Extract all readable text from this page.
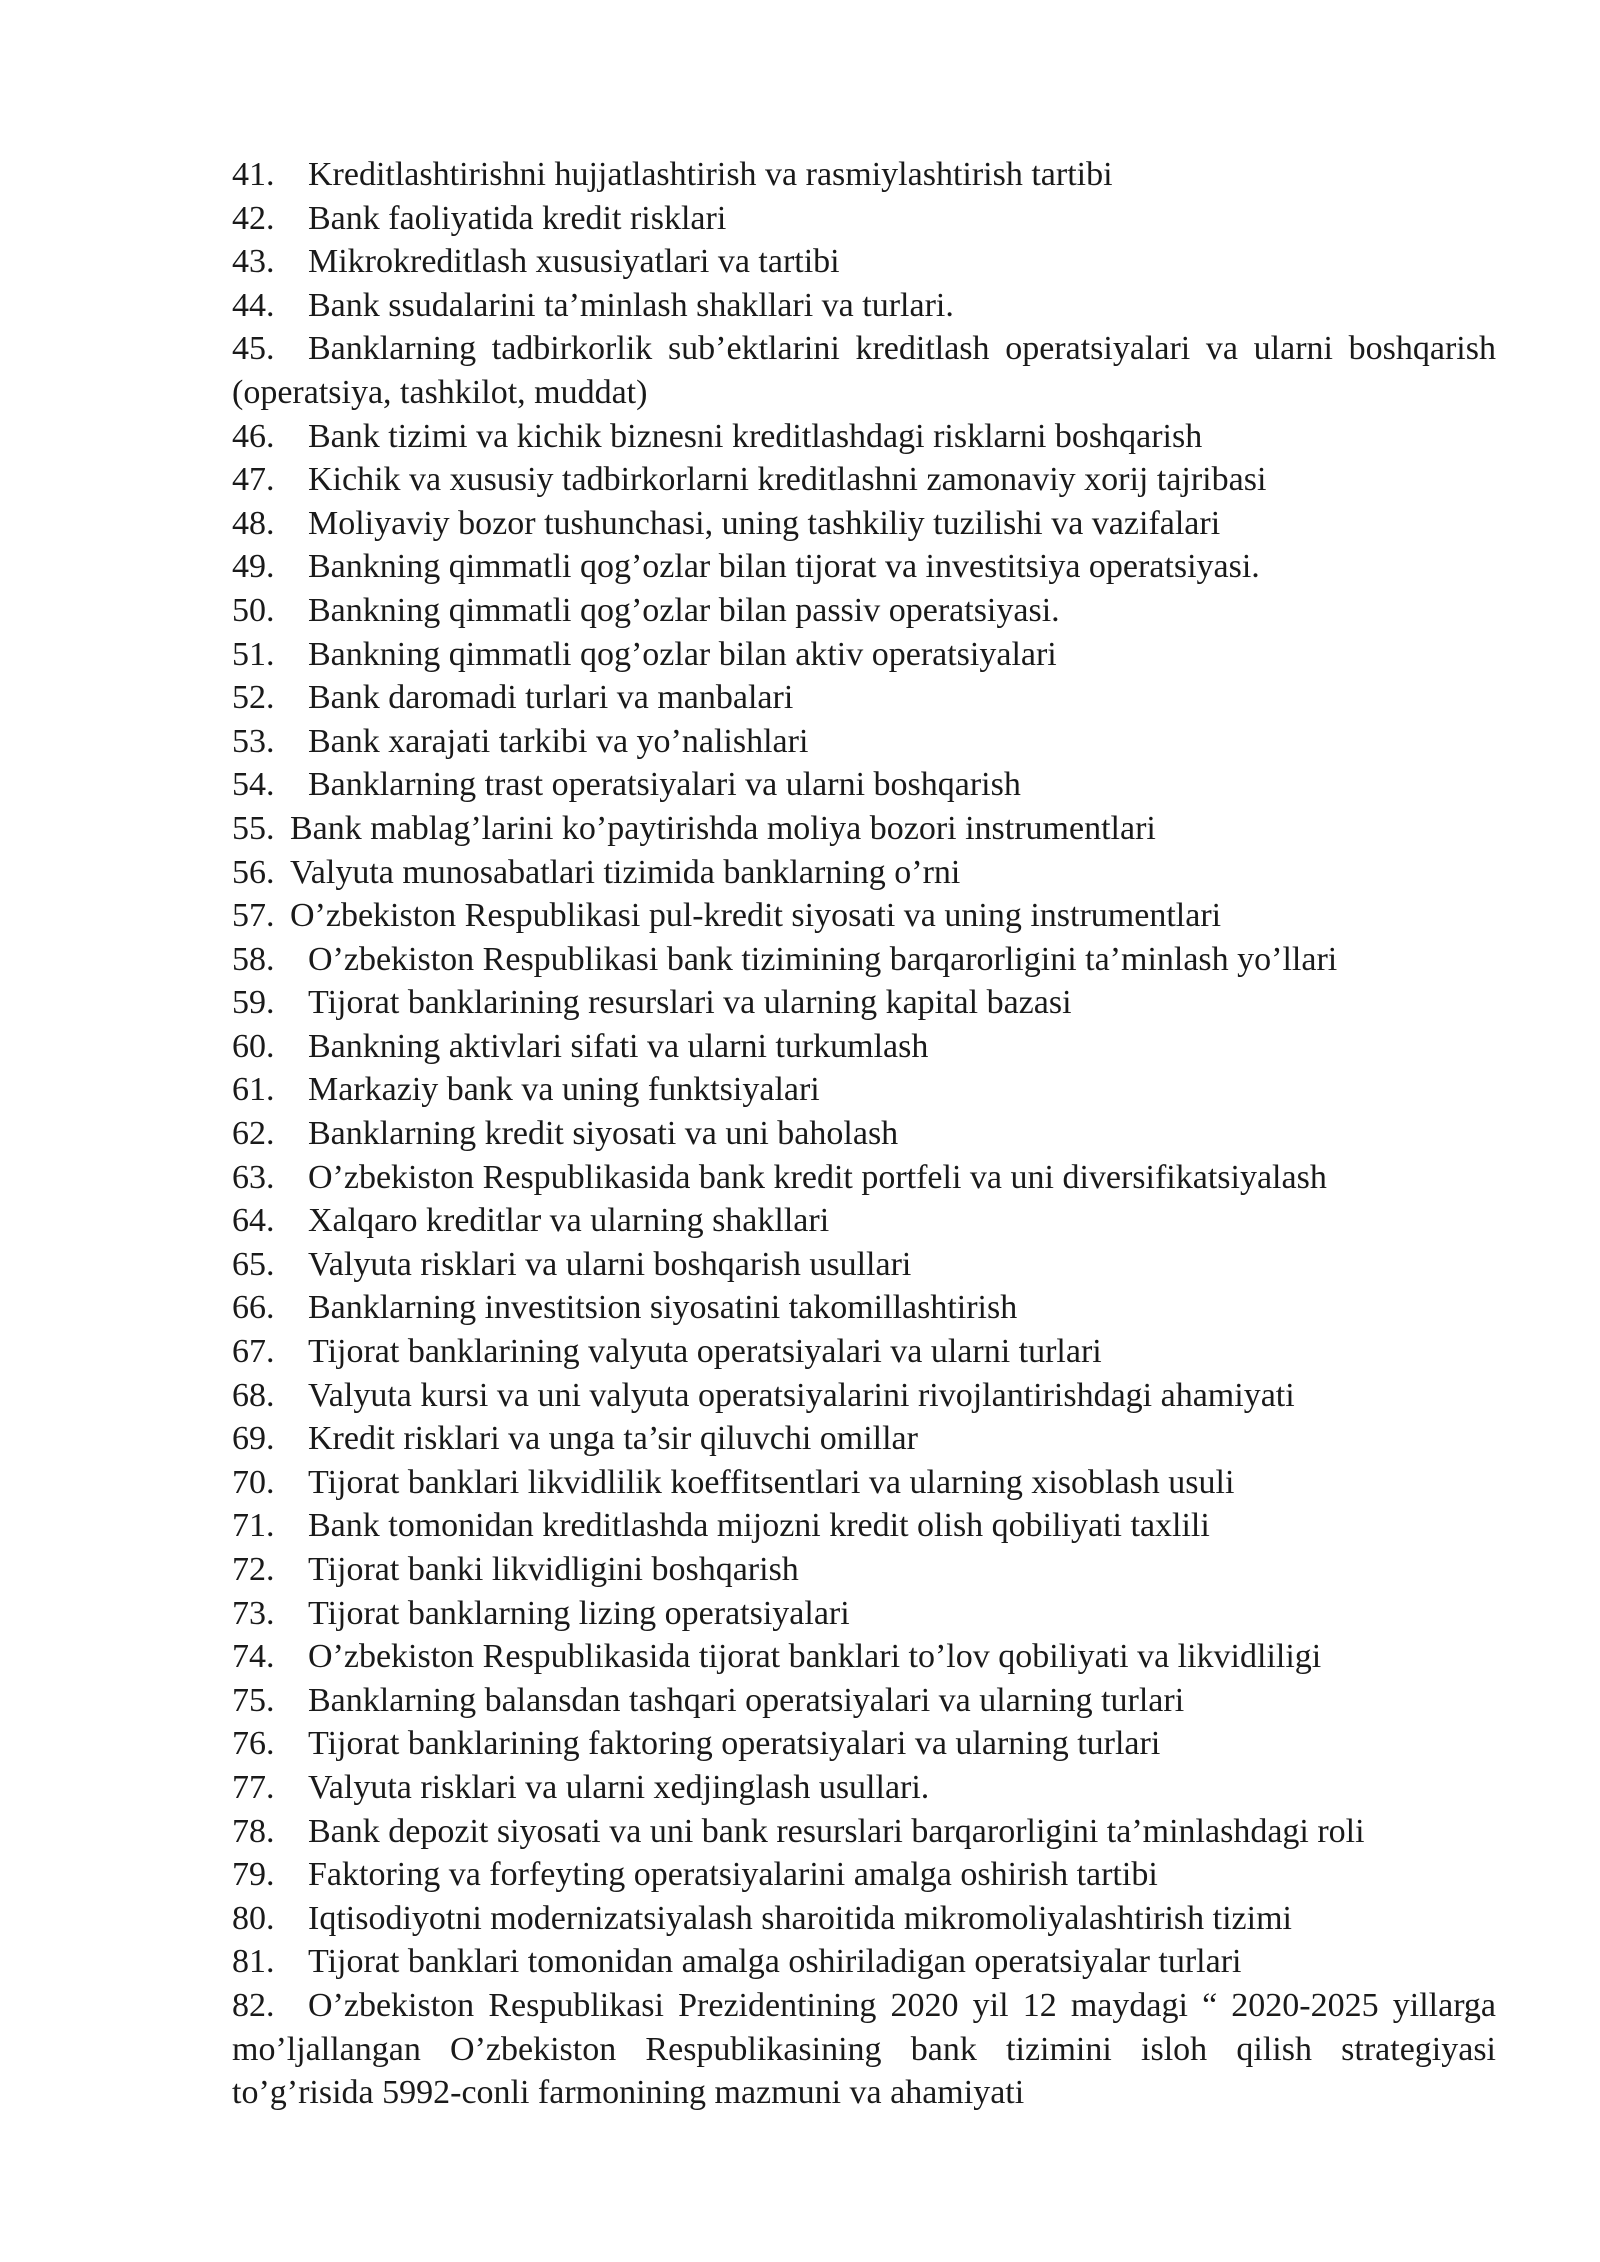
41. Kreditlashtirishni hujjatlashtirish va rasmiylashtirish tartibi

42. Bank faoliyatida kredit risklari

43. Mikrokreditlash xususiyatlari va tartibi

44. Bank ssudalarini ta’minlash shakllari va turlari.

45. Banklarning tadbirkorlik sub’ektlarini kreditlash operatsiyalari va ularni boshqarish (operatsiya, tashkilot, muddat)

46. Bank tizimi va kichik biznesni kreditlashdagi risklarni boshqarish

47. Kichik va xususiy tadbirkorlarni kreditlashni zamonaviy xorij tajribasi

48. Moliyaviy bozor tushunchasi, uning tashkiliy tuzilishi va vazifalari

49. Bankning qimmatli qog’ozlar bilan tijorat va investitsiya operatsiyasi.

50. Bankning qimmatli qog’ozlar bilan passiv operatsiyasi.

51. Bankning qimmatli qog’ozlar bilan aktiv operatsiyalari

52. Bank daromadi turlari va manbalari

53. Bank xarajati tarkibi va yo’nalishlari

54. Banklarning trast operatsiyalari va ularni boshqarish

55. Bank mablag’larini ko’paytirishda moliya bozori instrumentlari

56. Valyuta munosabatlari tizimida banklarning o’rni

57. O’zbekiston Respublikasi pul-kredit siyosati va uning instrumentlari

58. O’zbekiston Respublikasi bank tizimining barqarorligini ta’minlash yo’llari

59. Tijorat banklarining resurslari va ularning kapital bazasi

60. Bankning aktivlari sifati va ularni turkumlash

61. Markaziy bank va uning funktsiyalari

62. Banklarning kredit siyosati va uni baholash

63. O’zbekiston Respublikasida bank kredit portfeli va uni diversifikatsiyalash

64. Xalqaro kreditlar va ularning shakllari

65. Valyuta risklari va ularni boshqarish usullari

66. Banklarning investitsion siyosatini takomillashtirish

67. Tijorat banklarining valyuta operatsiyalari va ularni turlari

68. Valyuta kursi va uni valyuta operatsiyalarini rivojlantirishdagi ahamiyati

69. Kredit risklari va unga ta’sir qiluvchi omillar

70. Tijorat banklari likvidlilik koeffitsentlari va ularning xisoblash usuli

71. Bank tomonidan kreditlashda mijozni kredit olish qobiliyati taxlili

72. Tijorat banki likvidligini boshqarish

73. Tijorat banklarning lizing operatsiyalari

74. O’zbekiston Respublikasida tijorat banklari to’lov qobiliyati va likvidliligi

75. Banklarning balansdan tashqari operatsiyalari va ularning turlari

76. Tijorat banklarining faktoring operatsiyalari va ularning turlari

77. Valyuta risklari va ularni xedjinglash usullari.

78. Bank depozit siyosati va uni bank resurslari barqarorligini ta’minlashdagi roli

79. Faktoring va forfeyting operatsiyalarini amalga oshirish tartibi

80. Iqtisodiyotni modernizatsiyalash sharoitida mikromoliyalashtirish tizimi

81. Tijorat banklari tomonidan amalga oshiriladigan operatsiyalar turlari

82. O’zbekiston Respublikasi Prezidentining 2020 yil 12 maydagi “ 2020-2025 yillarga mo’ljallangan O’zbekiston Respublikasining bank tizimini isloh qilish strategiyasi to’g’risida 5992-conli farmonining mazmuni va ahamiyati
